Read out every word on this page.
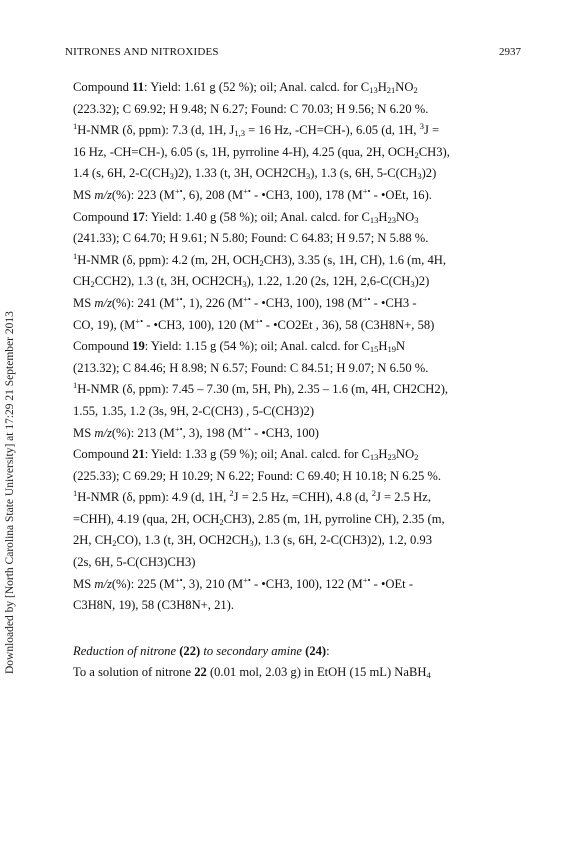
NITRONES AND NITROXIDES	2937
Downloaded by [North Carolina State University] at 17:29 21 September 2013
Compound 11: Yield: 1.61 g (52 %); oil; Anal. calcd. for $C_{13}H_{21}NO_2$
(223.32); C 69.92; H 9.48; N 6.27; Found: C 70.03; H 9.56; N 6.20 %.
$^1$H-NMR (δ, ppm): 7.3 (d, 1H, $J_{1,3} = 16$ Hz, -CH=CH-), 6.05 (d, 1H, $^3$J =
16 Hz, -CH=CH-), 6.05 (s, 1H, pyrroline 4-H), 4.25 (qua, 2H, $OCH_2CH3$),
1.4 (s, 6H, $2-C(CH_3)2$), 1.33 (t, 3H, $OCH2CH_3$), 1.3 (s, 6H, $5-C(CH_3)2$)
MS m/z(%): 223 (M+•, 6), 208 (M+• - •CH3, 100), 178 (M+• - •OEt, 16).
Compound 17: Yield: 1.40 g (58 %); oil; Anal. calcd. for $C_{13}H_{23}NO_3$
(241.33); C 64.70; H 9.61; N 5.80; Found: C 64.83; H 9.57; N 5.88 %.
$^1$H-NMR (δ, ppm): 4.2 (m, 2H, $OCH_2CH3$), 3.35 (s, 1H, CH), 1.6 (m, 4H,
$CH_2CCH2$), 1.3 (t, 3H, $OCH2CH_3$), 1.22, 1.20 (2s, 12H, $2,6-C(CH_3)2$)
MS m/z(%): 241 (M+•, 1), 226 (M+• - •CH3, 100), 198 (M+• - •CH3 -
CO, 19), (M+• - •CH3, 100), 120 (M+• - •CO2Et , 36), 58 (C3H8N+, 58)
Compound 19: Yield: 1.15 g (54 %); oil; Anal. calcd. for $C_{15}H_{19}N$
(213.32); C 84.46; H 8.98; N 6.57; Found: C 84.51; H 9.07; N 6.50 %.
$^1$H-NMR (δ, ppm): 7.45 – 7.30 (m, 5H, Ph), 2.35 – 1.6 (m, 4H, CH2CH2),
1.55, 1.35, 1.2 (3s, 9H, 2-C(CH3) , 5-C(CH3)2)
MS m/z(%): 213 (M+•, 3), 198 (M+• - •CH3, 100)
Compound 21: Yield: 1.33 g (59 %); oil; Anal. calcd. for $C_{13}H_{23}NO_2$
(225.33); C 69.29; H 10.29; N 6.22; Found: C 69.40; H 10.18; N 6.25 %.
$^1$H-NMR (δ, ppm): 4.9 (d, 1H, $^2$J = 2.5 Hz, =CHH), 4.8 (d, $^2$J = 2.5 Hz,
=CHH), 4.19 (qua, 2H, $OCH_2CH3$), 2.85 (m, 1H, pyrroline CH), 2.35 (m,
2H, $CH_2CO$), 1.3 (t, 3H, $OCH2CH_3$), 1.3 (s, 6H, 2-C(CH3)2), 1.2, 0.93
(2s, 6H, 5-C(CH3)CH3)
MS m/z(%): 225 (M+•, 3), 210 (M+• - •CH3, 100), 122 (M+• - •OEt -
C3H8N, 19), 58 (C3H8N+, 21).
Reduction of nitrone (22) to secondary amine (24):
To a solution of nitrone 22 (0.01 mol, 2.03 g) in EtOH (15 mL) NaBH$_4$
